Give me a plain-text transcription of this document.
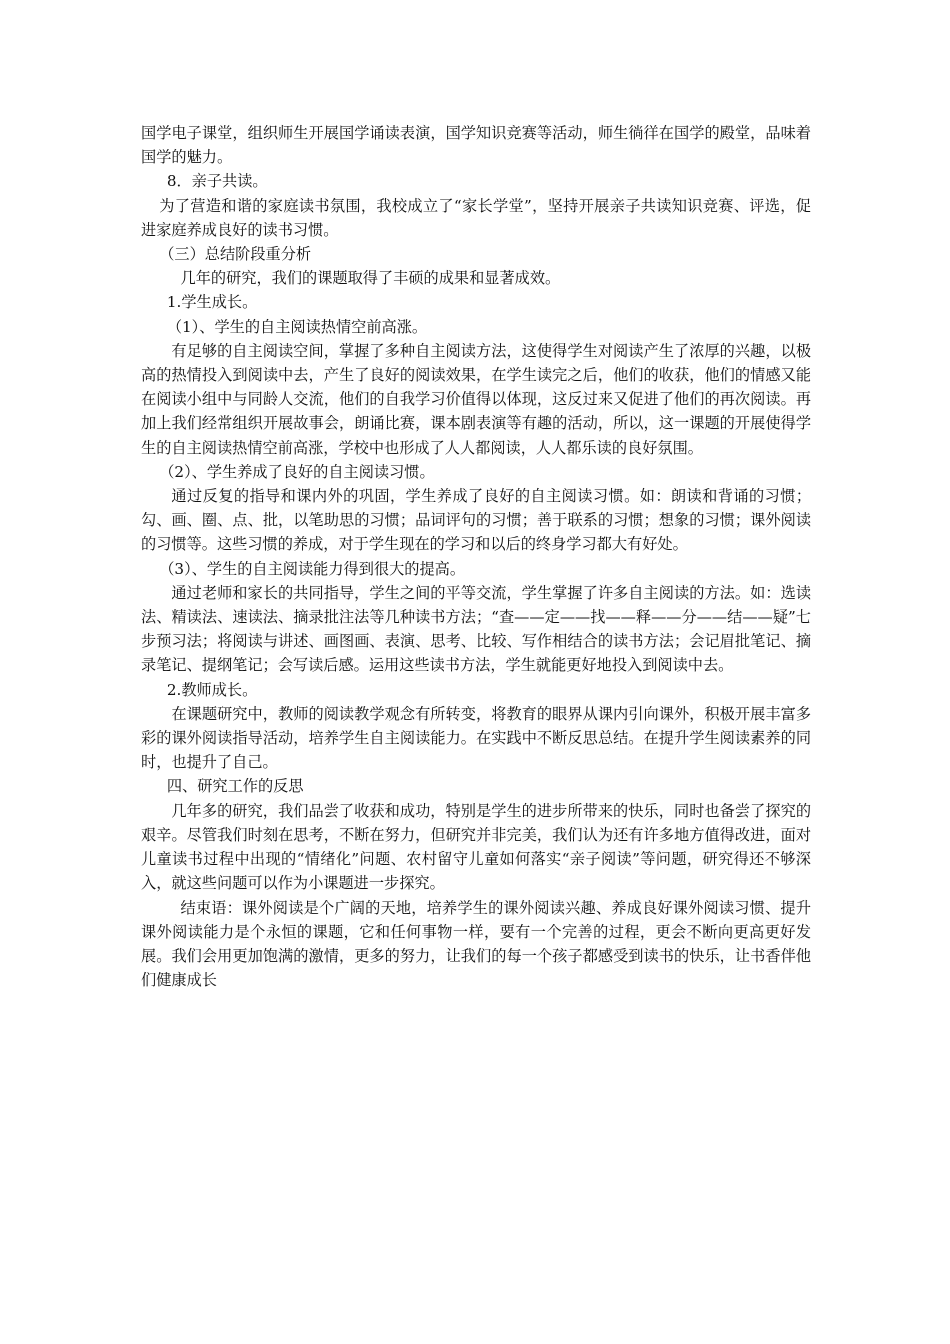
国学电子课堂，组织师生开展国学诵读表演，国学知识竞赛等活动，师生徜徉在国学的殿堂，品味着国学的魅力。

8．亲子共读。

为了营造和谐的家庭读书氛围，我校成立了“家长学堂”，坚持开展亲子共读知识竞赛、评选，促进家庭养成良好的读书习惯。

（三）总结阶段重分析

几年的研究，我们的课题取得了丰硕的成果和显著成效。

1.学生成长。

（1）、学生的自主阅读热情空前高涨。

有足够的自主阅读空间，掌握了多种自主阅读方法，这使得学生对阅读产生了浓厚的兴趣，以极高的热情投入到阅读中去，产生了良好的阅读效果，在学生读完之后，他们的收获，他们的情感又能在阅读小组中与同龄人交流，他们的自我学习价值得以体现，这反过来又促进了他们的再次阅读。再加上我们经常组织开展故事会，朗诵比赛，课本剧表演等有趣的活动，所以，这一课题的开展使得学生的自主阅读热情空前高涨，学校中也形成了人人都阅读，人人都乐读的良好氛围。

（2）、学生养成了良好的自主阅读习惯。

通过反复的指导和课内外的巩固，学生养成了良好的自主阅读习惯。如：朗读和背诵的习惯；勾、画、圈、点、批，以笔助思的习惯；品词评句的习惯；善于联系的习惯；想象的习惯；课外阅读的习惯等。这些习惯的养成，对于学生现在的学习和以后的终身学习都大有好处。

（3）、学生的自主阅读能力得到很大的提高。

通过老师和家长的共同指导，学生之间的平等交流，学生掌握了许多自主阅读的方法。如：选读法、精读法、速读法、摘录批注法等几种读书方法；“查——定——找——释——分——结——疑”七步预习法；将阅读与讲述、画图画、表演、思考、比较、写作相结合的读书方法；会记眉批笔记、摘录笔记、提纲笔记；会写读后感。运用这些读书方法，学生就能更好地投入到阅读中去。

2.教师成长。

在课题研究中，教师的阅读教学观念有所转变，将教育的眼界从课内引向课外，积极开展丰富多彩的课外阅读指导活动，培养学生自主阅读能力。在实践中不断反思总结。在提升学生阅读素养的同时，也提升了自己。

四、研究工作的反思

几年多的研究，我们品尝了收获和成功，特别是学生的进步所带来的快乐，同时也备尝了探究的艰辛。尽管我们时刻在思考，不断在努力，但研究并非完美，我们认为还有许多地方值得改进，面对儿童读书过程中出现的“情绪化”问题、农村留守儿童如何落实“亲子阅读”等问题，研究得还不够深入，就这些问题可以作为小课题进一步探究。

结束语：课外阅读是个广阔的天地，培养学生的课外阅读兴趣、养成良好课外阅读习惯、提升课外阅读能力是个永恒的课题，它和任何事物一样，要有一个完善的过程，更会不断向更高更好发展。我们会用更加饱满的激情，更多的努力，让我们的每一个孩子都感受到读书的快乐，让书香伴他们健康成长
